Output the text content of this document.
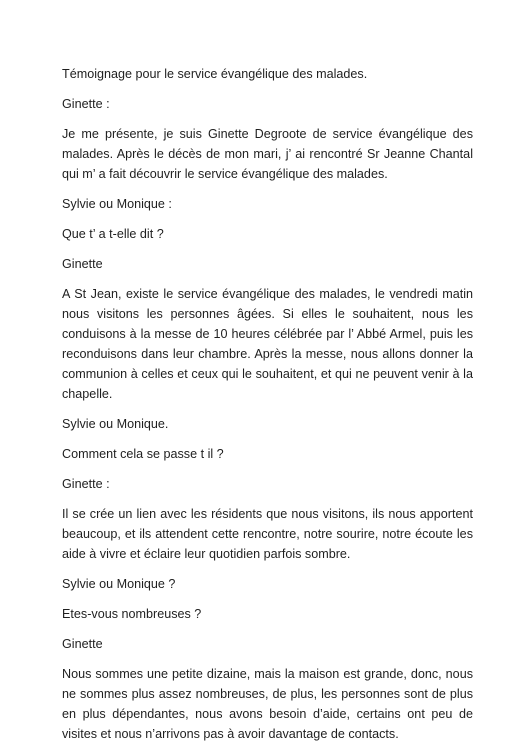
Témoignage pour le service évangélique des malades.

Ginette :

Je me présente, je suis Ginette Degroote de service évangélique des malades. Après le décès de mon mari, j’ ai rencontré Sr Jeanne Chantal qui m’ a fait découvrir le service évangélique des malades.

Sylvie ou Monique :

Que t’ a t-elle dit ?

Ginette

A St Jean, existe le service évangélique des malades, le vendredi matin nous visitons les personnes âgées. Si elles le souhaitent, nous les conduisons à la messe de 10 heures célébrée par l’ Abbé Armel, puis les reconduisons dans leur chambre. Après la messe, nous allons donner la communion à celles et ceux qui le souhaitent, et qui ne peuvent venir à la chapelle.

Sylvie ou Monique.

Comment cela se passe t il ?

Ginette :

Il se crée un lien avec les résidents que nous visitons, ils nous apportent beaucoup, et ils attendent cette rencontre, notre sourire, notre écoute les aide à vivre et éclaire leur quotidien parfois sombre.

Sylvie ou Monique ?

Etes-vous nombreuses ?

Ginette

Nous sommes une petite dizaine, mais la maison est grande, donc, nous ne sommes plus assez nombreuses, de plus, les personnes sont de plus en plus dépendantes, nous avons besoin d’aide, certains ont peu de visites et nous n’arrivons pas à avoir davantage de contacts.
